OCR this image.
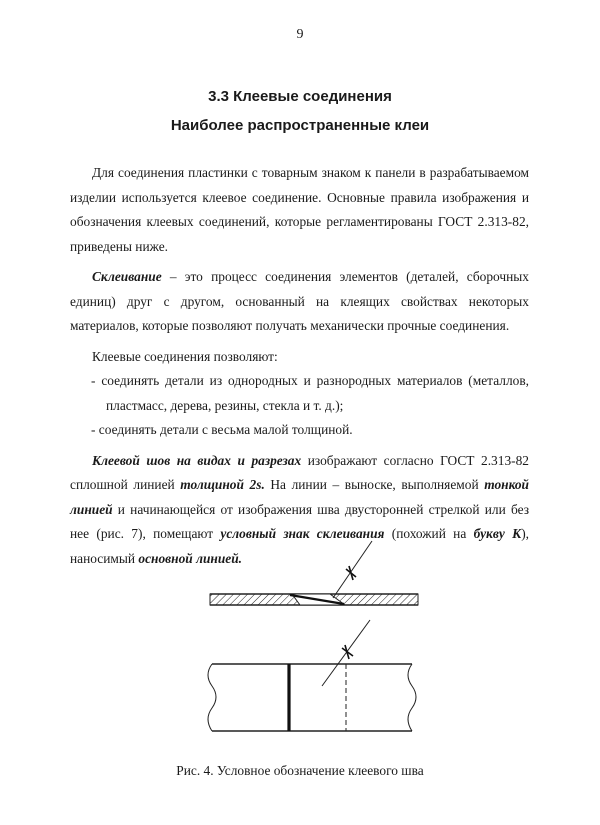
9
3.3 Клеевые соединения
Наиболее распространенные клеи

Для соединения пластинки с товарным знаком к панели в разрабатываемом изделии используется клеевое соединение. Основные правила изображения и обозначения клеевых соединений, которые регламентированы ГОСТ 2.313-82, приведены ниже.

Склеивание – это процесс соединения элементов (деталей, сборочных единиц) друг с другом, основанный на клеящих свойствах некоторых материалов, которые позволяют получать механически прочные соединения.

Клеевые соединения позволяют:

- соединять детали из однородных и разнородных материалов (металлов, пластмасс, дерева, резины, стекла и т. д.);

- соединять детали с весьма малой толщиной.

Клеевой шов на видах и разрезах изображают согласно ГОСТ 2.313-82 сплошной линией толщиной 2s. На линии – выноске, выполняемой тонкой линией и начинающейся от изображения шва двусторонней стрелкой или без нее (рис. 7), помещают условный знак склеивания (похожий на букву К), наносимый основной линией.

Рис. 4. Условное обозначение клеевого шва
